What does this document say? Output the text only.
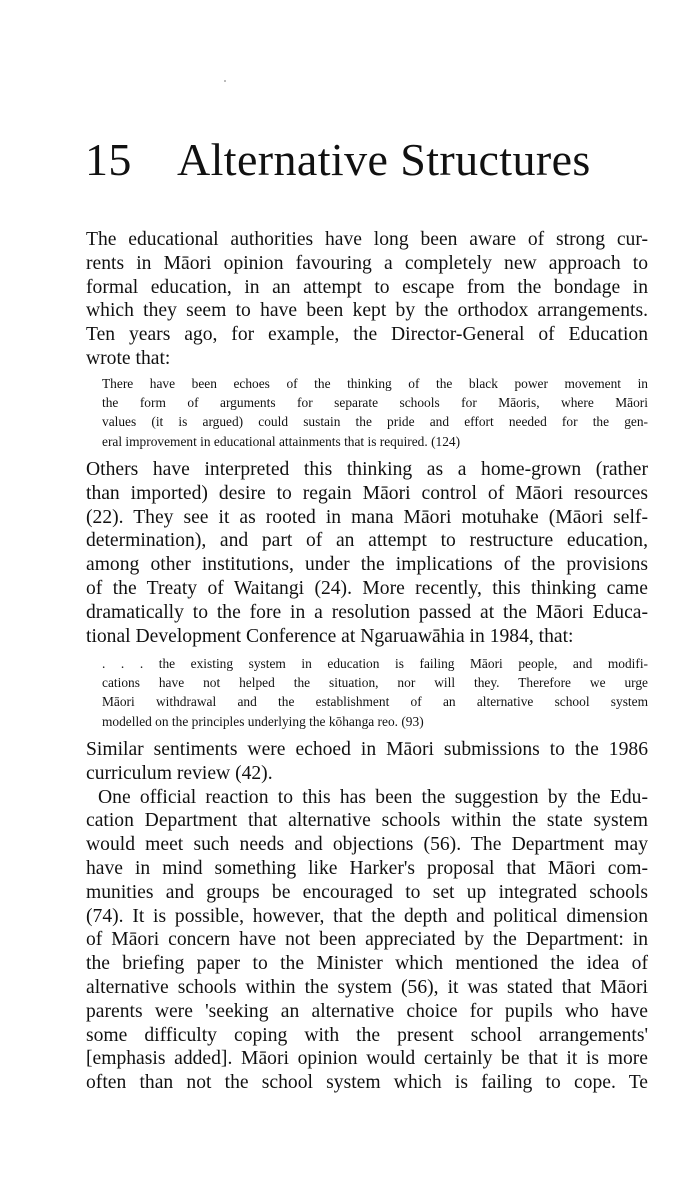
15 Alternative Structures
The educational authorities have long been aware of strong cur-
rents in Māori opinion favouring a completely new approach to
formal education, in an attempt to escape from the bondage in
which they seem to have been kept by the orthodox arrangements.
Ten years ago, for example, the Director-General of Education
wrote that:
There have been echoes of the thinking of the black power movement in
the form of arguments for separate schools for Māoris, where Māori
values (it is argued) could sustain the pride and effort needed for the gen-
eral improvement in educational attainments that is required. (124)
Others have interpreted this thinking as a home-grown (rather
than imported) desire to regain Māori control of Māori resources
(22). They see it as rooted in mana Māori motuhake (Māori self-
determination), and part of an attempt to restructure education,
among other institutions, under the implications of the provisions
of the Treaty of Waitangi (24). More recently, this thinking came
dramatically to the fore in a resolution passed at the Māori Educa-
tional Development Conference at Ngaruawāhia in 1984, that:
. . . the existing system in education is failing Māori people, and modifi-
cations have not helped the situation, nor will they. Therefore we urge
Māori withdrawal and the establishment of an alternative school system
modelled on the principles underlying the kōhanga reo. (93)
Similar sentiments were echoed in Māori submissions to the 1986
curriculum review (42).
One official reaction to this has been the suggestion by the Edu-
cation Department that alternative schools within the state system
would meet such needs and objections (56). The Department may
have in mind something like Harker's proposal that Māori com-
munities and groups be encouraged to set up integrated schools
(74). It is possible, however, that the depth and political dimension
of Māori concern have not been appreciated by the Department: in
the briefing paper to the Minister which mentioned the idea of
alternative schools within the system (56), it was stated that Māori
parents were 'seeking an alternative choice for pupils who have
some difficulty coping with the present school arrangements'
[emphasis added]. Māori opinion would certainly be that it is more
often than not the school system which is failing to cope. Te
